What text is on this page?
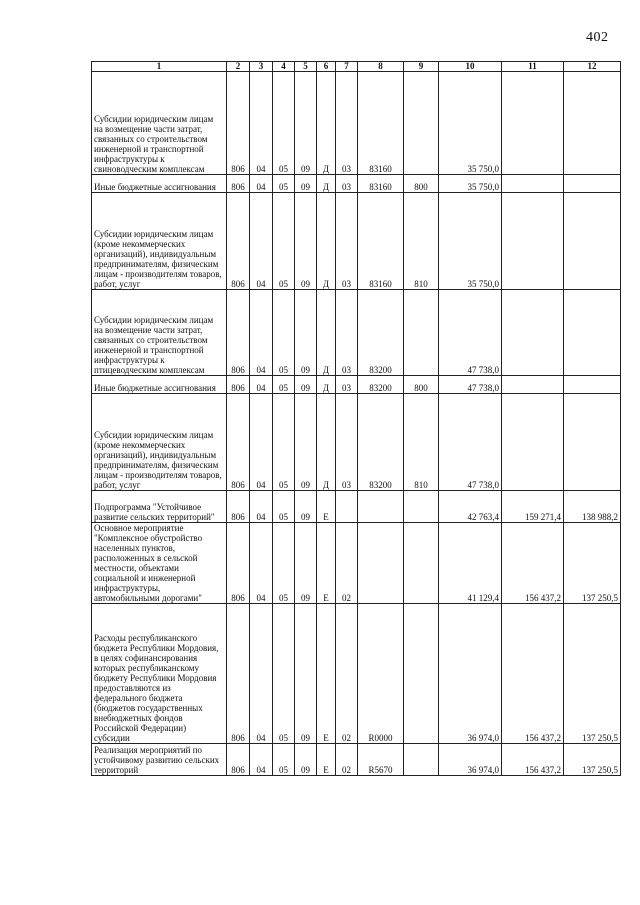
402
1	2	3	4	5	6	7	8	9	10	11	12
Субсидии юридическим лицам на возмещение части затрат, связанных со строительством инженерной и транспортной инфраструктуры к свиноводческим комплексам	806	04	05	09	Д	03	83160		35 750,0		
Иные бюджетные ассигнования	806	04	05	09	Д	03	83160	800	35 750,0		
Субсидии юридическим лицам (кроме некоммерческих организаций), индивидуальным предпринимателям, физическим лицам - производителям товаров, работ, услуг	806	04	05	09	Д	03	83160	810	35 750,0		
Субсидии юридическим лицам на возмещение части затрат, связанных со строительством инженерной и транспортной инфраструктуры к птицеводческим комплексам	806	04	05	09	Д	03	83200		47 738,0		
Иные бюджетные ассигнования	806	04	05	09	Д	03	83200	800	47 738,0		
Субсидии юридическим лицам (кроме некоммерческих организаций), индивидуальным предпринимателям, физическим лицам - производителям товаров, работ, услуг	806	04	05	09	Д	03	83200	810	47 738,0		
Подпрограмма "Устойчивое развитие сельских территорий"	806	04	05	09	Е				42 763,4	159 271,4	138 988,2
Основное мероприятие "Комплексное обустройство населенных пунктов, расположенных в сельской местности, объектами социальной и инженерной инфраструктуры, автомобильными дорогами"	806	04	05	09	Е	02			41 129,4	156 437,2	137 250,5
Расходы республиканского бюджета Республики Мордовия, в целях софинансирования которых республиканскому бюджету Республики Мордовия предоставляются из федерального бюджета (бюджетов государственных внебюджетных фондов Российской Федерации) субсидии	806	04	05	09	Е	02	R0000		36 974,0	156 437,2	137 250,5
Реализация мероприятий по устойчивому развитию сельских территорий	806	04	05	09	Е	02	R5670		36 974,0	156 437,2	137 250,5
